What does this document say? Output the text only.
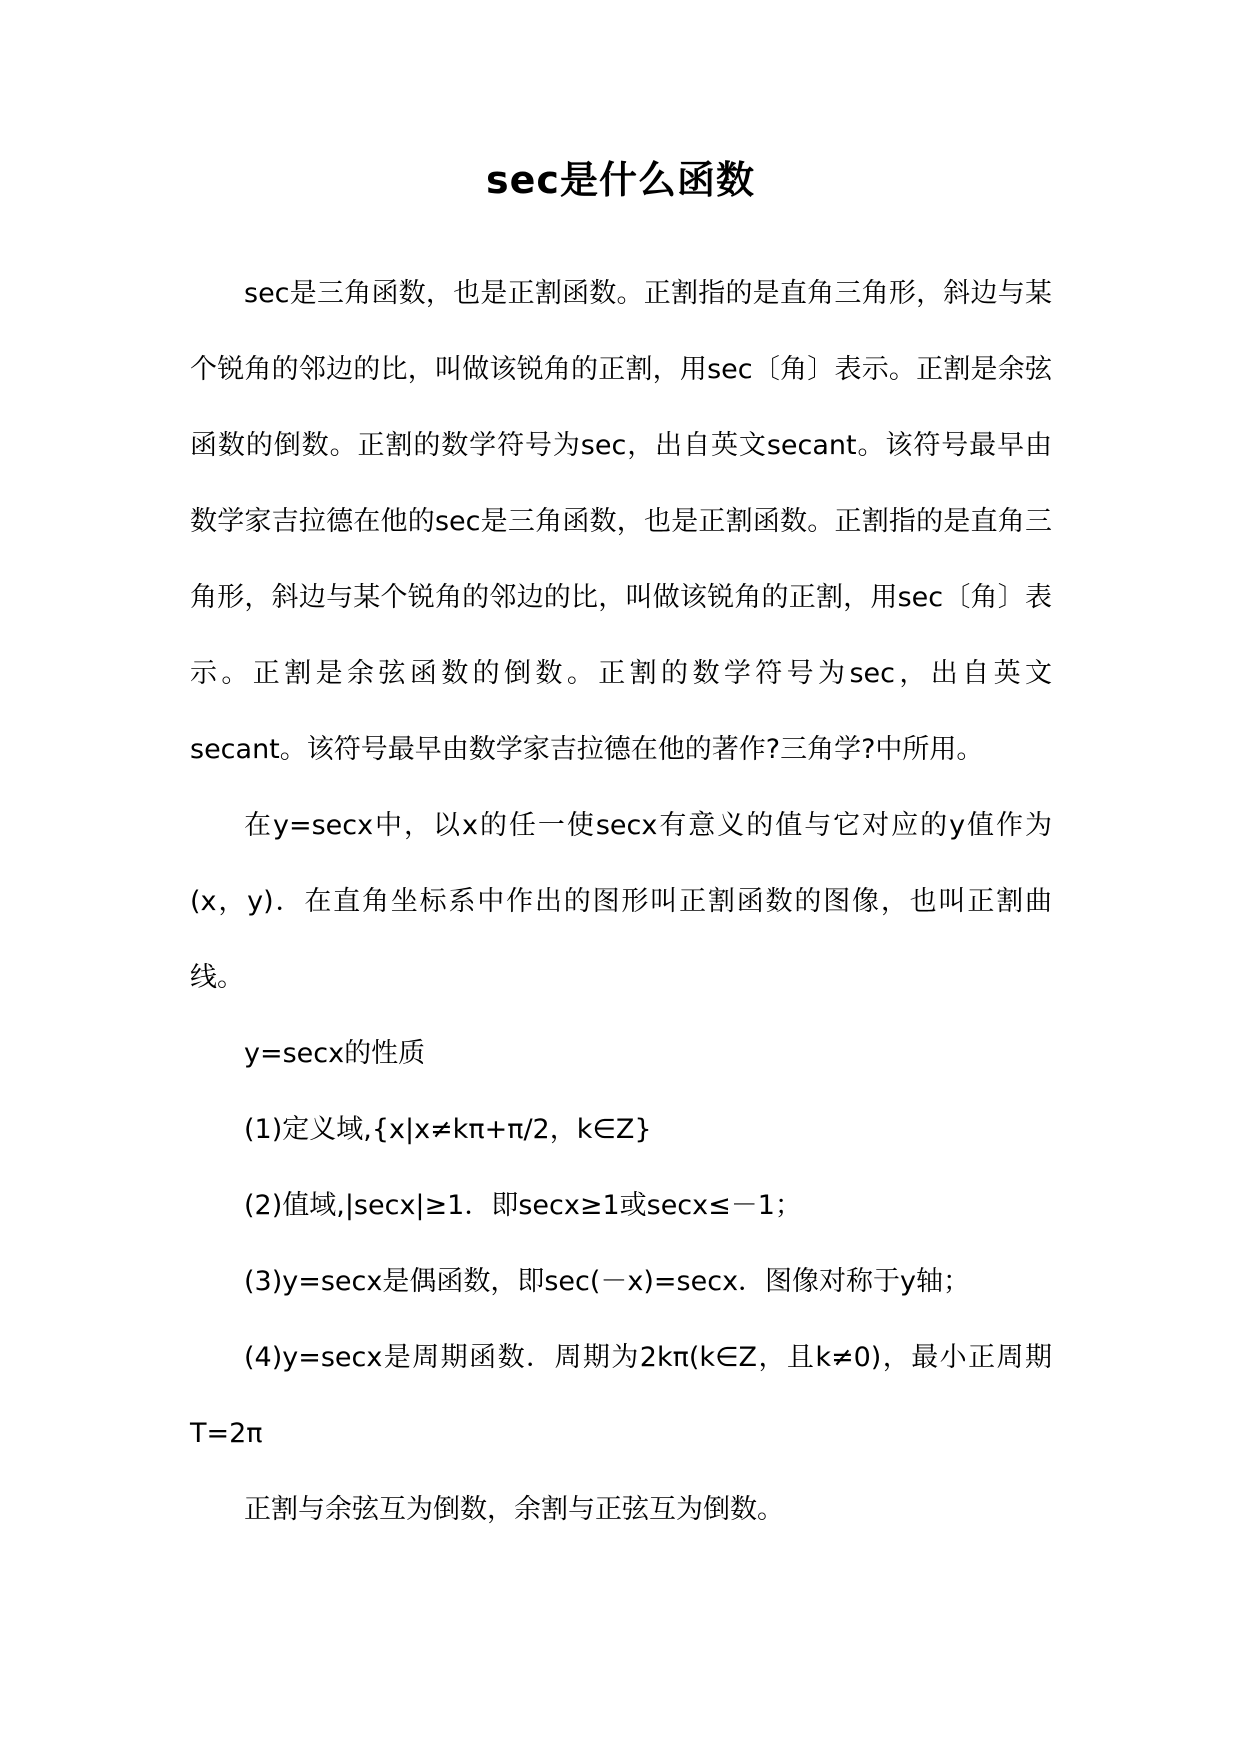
sec是什么函数

sec是三角函数，也是正割函数。正割指的是直角三角形，斜边与某个锐角的邻边的比，叫做该锐角的正割，用sec〔角〕表示。正割是余弦函数的倒数。正割的数学符号为sec，出自英文secant。该符号最早由数学家吉拉德在他的sec是三角函数，也是正割函数。正割指的是直角三角形，斜边与某个锐角的邻边的比，叫做该锐角的正割，用sec〔角〕表示。正割是余弦函数的倒数。正割的数学符号为sec，出自英文secant。该符号最早由数学家吉拉德在他的著作?三角学?中所用。

在y=secx中，以x的任一使secx有意义的值与它对应的y值作为(x，y)．在直角坐标系中作出的图形叫正割函数的图像，也叫正割曲线。

y=secx的性质

(1)定义域,{x|x≠kπ+π/2，k∈Z}

(2)值域,|secx|≥1．即secx≥1或secx≤－1；

(3)y=secx是偶函数，即sec(－x)=secx．图像对称于y轴；

(4)y=secx是周期函数．周期为2kπ(k∈Z，且k≠0)，最小正周期T=2π

正割与余弦互为倒数，余割与正弦互为倒数。
